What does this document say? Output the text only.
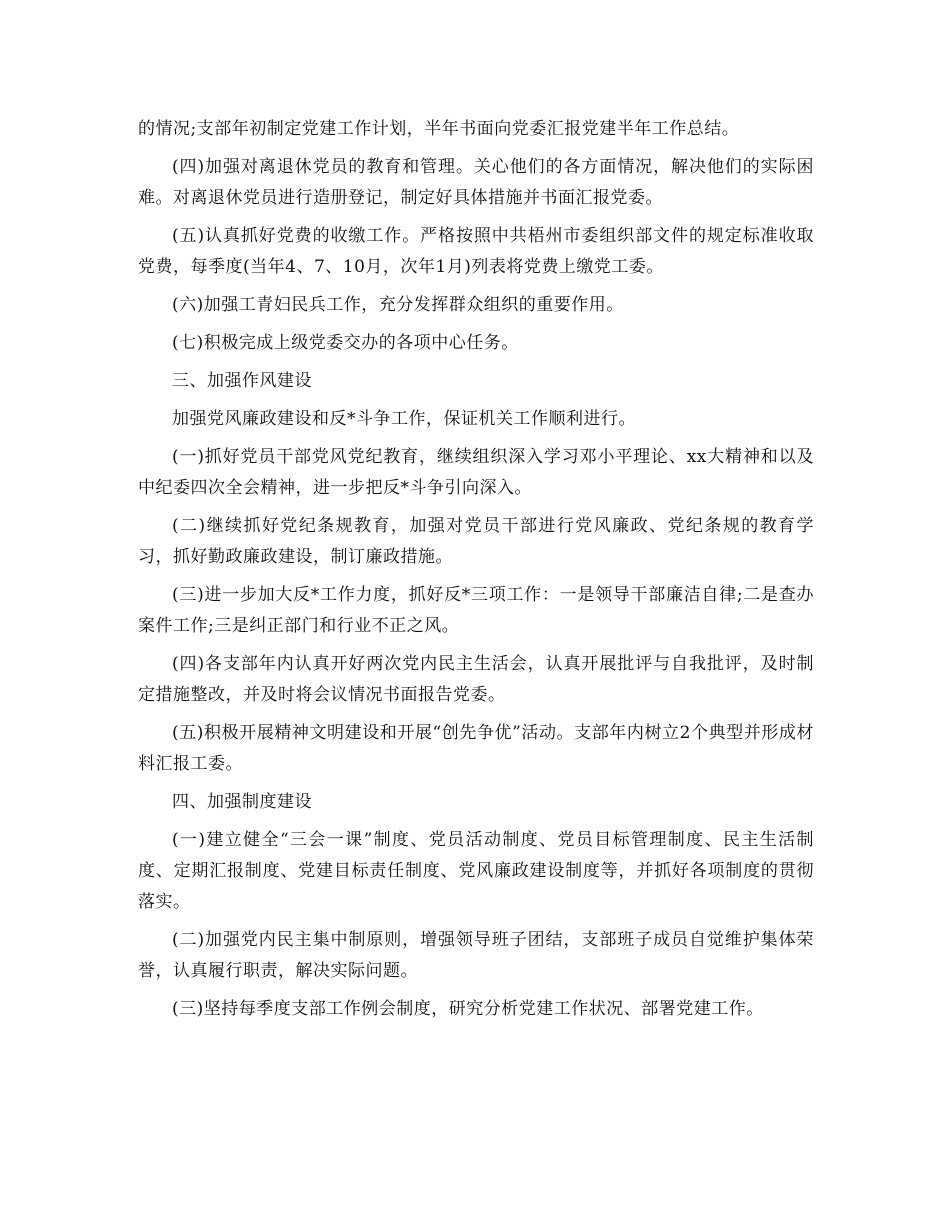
的情况;支部年初制定党建工作计划，半年书面向党委汇报党建半年工作总结。

(四)加强对离退休党员的教育和管理。关心他们的各方面情况，解决他们的实际困难。对离退休党员进行造册登记，制定好具体措施并书面汇报党委。

(五)认真抓好党费的收缴工作。严格按照中共梧州市委组织部文件的规定标准收取党费，每季度(当年4、7、10月，次年1月)列表将党费上缴党工委。

(六)加强工青妇民兵工作，充分发挥群众组织的重要作用。

(七)积极完成上级党委交办的各项中心任务。

三、加强作风建设

加强党风廉政建设和反*斗争工作，保证机关工作顺利进行。

(一)抓好党员干部党风党纪教育，继续组织深入学习邓小平理论、xx大精神和以及中纪委四次全会精神，进一步把反*斗争引向深入。

(二)继续抓好党纪条规教育，加强对党员干部进行党风廉政、党纪条规的教育学习，抓好勤政廉政建设，制订廉政措施。

(三)进一步加大反*工作力度，抓好反*三项工作：一是领导干部廉洁自律;二是查办案件工作;三是纠正部门和行业不正之风。

(四)各支部年内认真开好两次党内民主生活会，认真开展批评与自我批评，及时制定措施整改，并及时将会议情况书面报告党委。

(五)积极开展精神文明建设和开展“创先争优”活动。支部年内树立2个典型并形成材料汇报工委。

四、加强制度建设

(一)建立健全“三会一课”制度、党员活动制度、党员目标管理制度、民主生活制度、定期汇报制度、党建目标责任制度、党风廉政建设制度等，并抓好各项制度的贯彻落实。

(二)加强党内民主集中制原则，增强领导班子团结，支部班子成员自觉维护集体荣誉，认真履行职责，解决实际问题。

(三)坚持每季度支部工作例会制度，研究分析党建工作状况、部署党建工作。
